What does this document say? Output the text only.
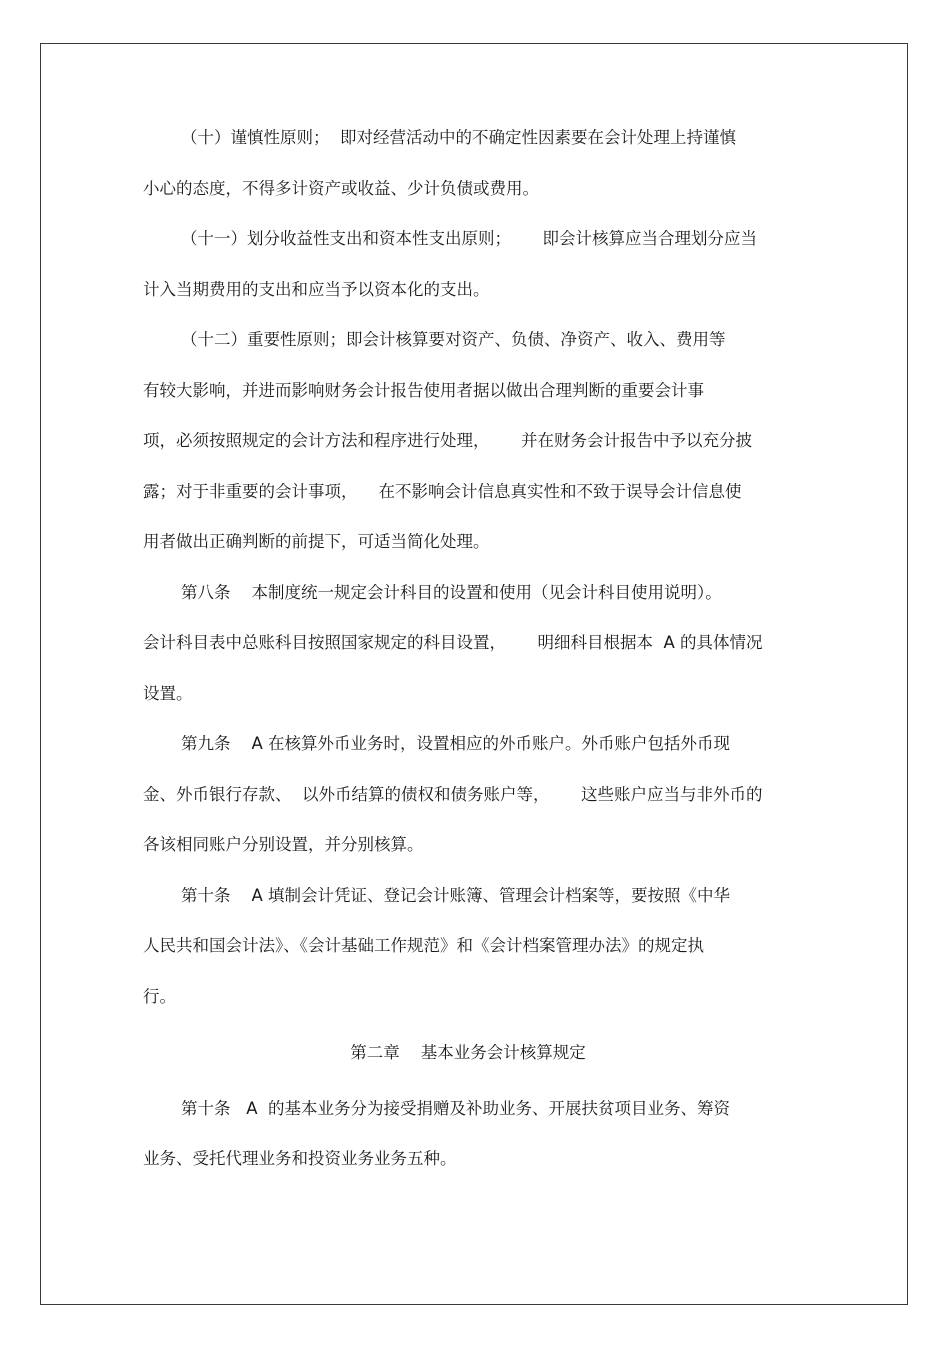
（十）谨慎性原则；  即对经营活动中的不确定性因素要在会计处理上持谨慎

小心的态度，不得多计资产或收益、少计负债或费用。

（十一）划分收益性支出和资本性支出原则；      即会计核算应当合理划分应当

计入当期费用的支出和应当予以资本化的支出。

（十二）重要性原则；即会计核算要对资产、负债、净资产、收入、费用等

有较大影响，并进而影响财务会计报告使用者据以做出合理判断的重要会计事

项，必须按照规定的会计方法和程序进行处理，      并在财务会计报告中予以充分披

露；对于非重要的会计事项，    在不影响会计信息真实性和不致于误导会计信息使

用者做出正确判断的前提下，可适当简化处理。

第八条    本制度统一规定会计科目的设置和使用（见会计科目使用说明）。

会计科目表中总账科目按照国家规定的科目设置，      明细科目根据本  A 的具体情况

设置。

第九条    A 在核算外币业务时，设置相应的外币账户。外币账户包括外币现

金、外币银行存款、  以外币结算的债权和债务账户等，      这些账户应当与非外币的

各该相同账户分别设置，并分别核算。

第十条    A 填制会计凭证、登记会计账簿、管理会计档案等，要按照《中华

人民共和国会计法》、《会计基础工作规范》和《会计档案管理办法》的规定执

行。

第二章    基本业务会计核算规定

第十条   A  的基本业务分为接受捐赠及补助业务、开展扶贫项目业务、筹资

业务、受托代理业务和投资业务业务五种。
